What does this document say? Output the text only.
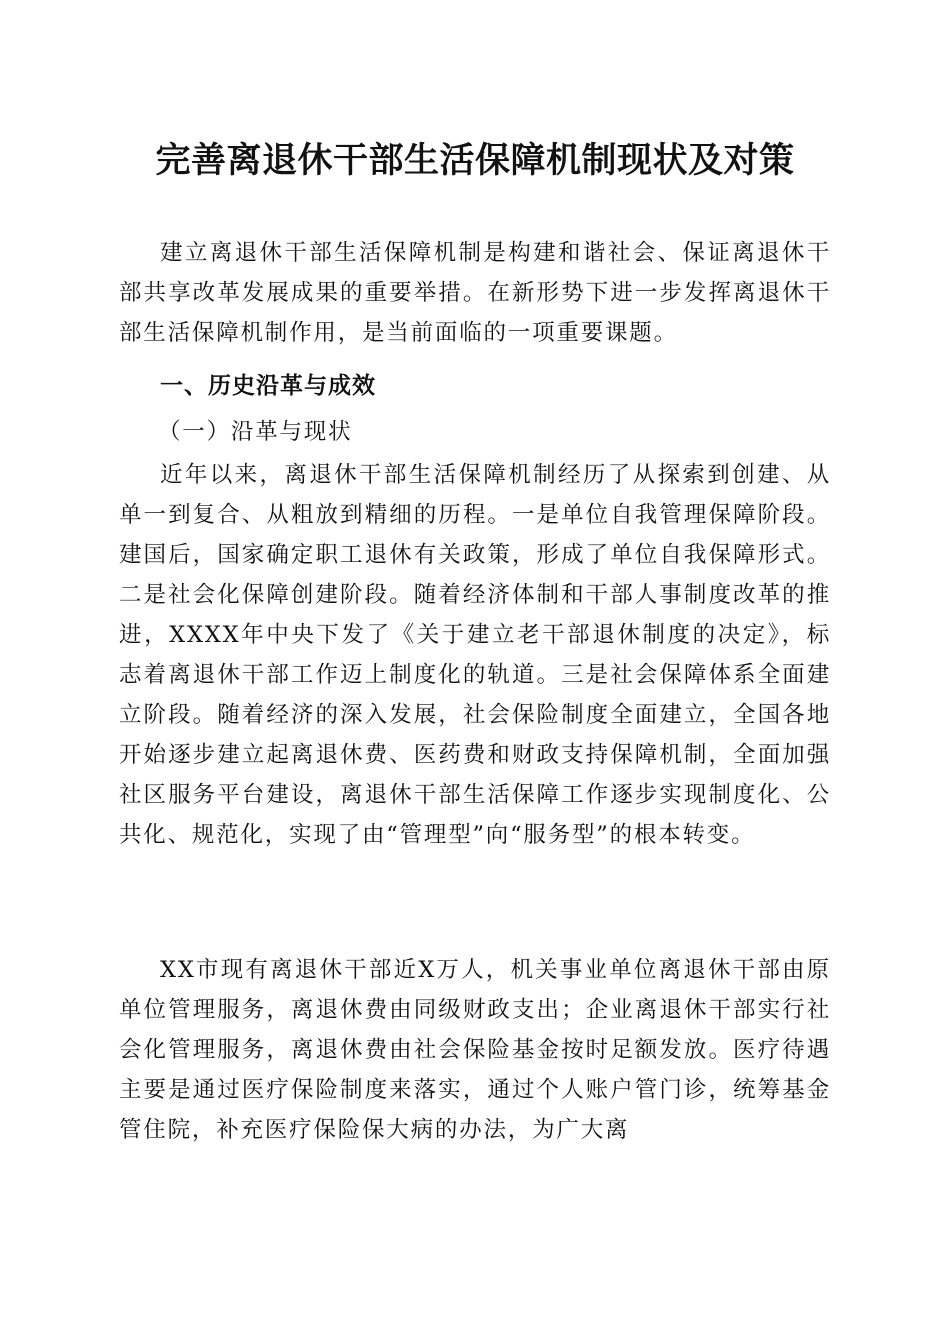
完善离退休干部生活保障机制现状及对策
建立离退休干部生活保障机制是构建和谐社会、保证离退休干部共享改革发展成果的重要举措。在新形势下进一步发挥离退休干部生活保障机制作用，是当前面临的一项重要课题。
一、历史沿革与成效
（一）沿革与现状
近年以来，离退休干部生活保障机制经历了从探索到创建、从单一到复合、从粗放到精细的历程。一是单位自我管理保障阶段。建国后，国家确定职工退休有关政策，形成了单位自我保障形式。二是社会化保障创建阶段。随着经济体制和干部人事制度改革的推进，XXXX年中央下发了《关于建立老干部退休制度的决定》，标志着离退休干部工作迈上制度化的轨道。三是社会保障体系全面建立阶段。随着经济的深入发展，社会保险制度全面建立，全国各地开始逐步建立起离退休费、医药费和财政支持保障机制，全面加强社区服务平台建设，离退休干部生活保障工作逐步实现制度化、公共化、规范化，实现了由“管理型”向“服务型”的根本转变。
XX市现有离退休干部近X万人，机关事业单位离退休干部由原单位管理服务，离退休费由同级财政支出；企业离退休干部实行社会化管理服务，离退休费由社会保险基金按时足额发放。医疗待遇主要是通过医疗保险制度来落实，通过个人账户管门诊，统筹基金管住院，补充医疗保险保大病的办法，为广大离
